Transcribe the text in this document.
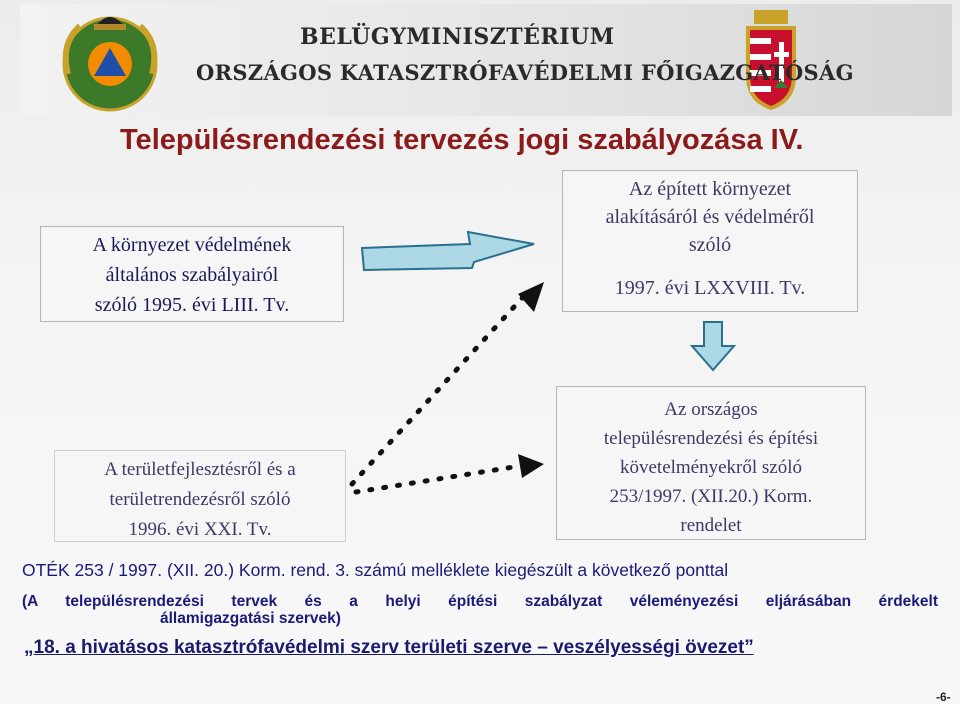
BELÜGYMINISZTÉRIUM
ORSZÁGOS KATASZTRÓFAVÉDELMI FŐIGAZGATÓSÁG
Településrendezési tervezés jogi szabályozása IV.
A környezet védelmének
általános szabályairól
szóló 1995. évi LIII. Tv.
Az épített környezet
alakításáról és védelméről
szóló
1997. évi LXXVIII. Tv.
A területfejlesztésről és a
területrendezésről szóló
1996. évi XXI. Tv.
Az országos
településrendezési és építési
követelményekről szóló
253/1997. (XII.20.) Korm.
rendelet
OTÉK 253 / 1997. (XII. 20.) Korm. rend. 3. számú melléklete kiegészült a következő ponttal
(A településrendezési tervek és a helyi építési szabályzat véleményezési eljárásában érdekelt
államigazgatási szervek)
„18. a hivatásos katasztrófavédelmi szerv területi szerve – veszélyességi övezet”
-6-
